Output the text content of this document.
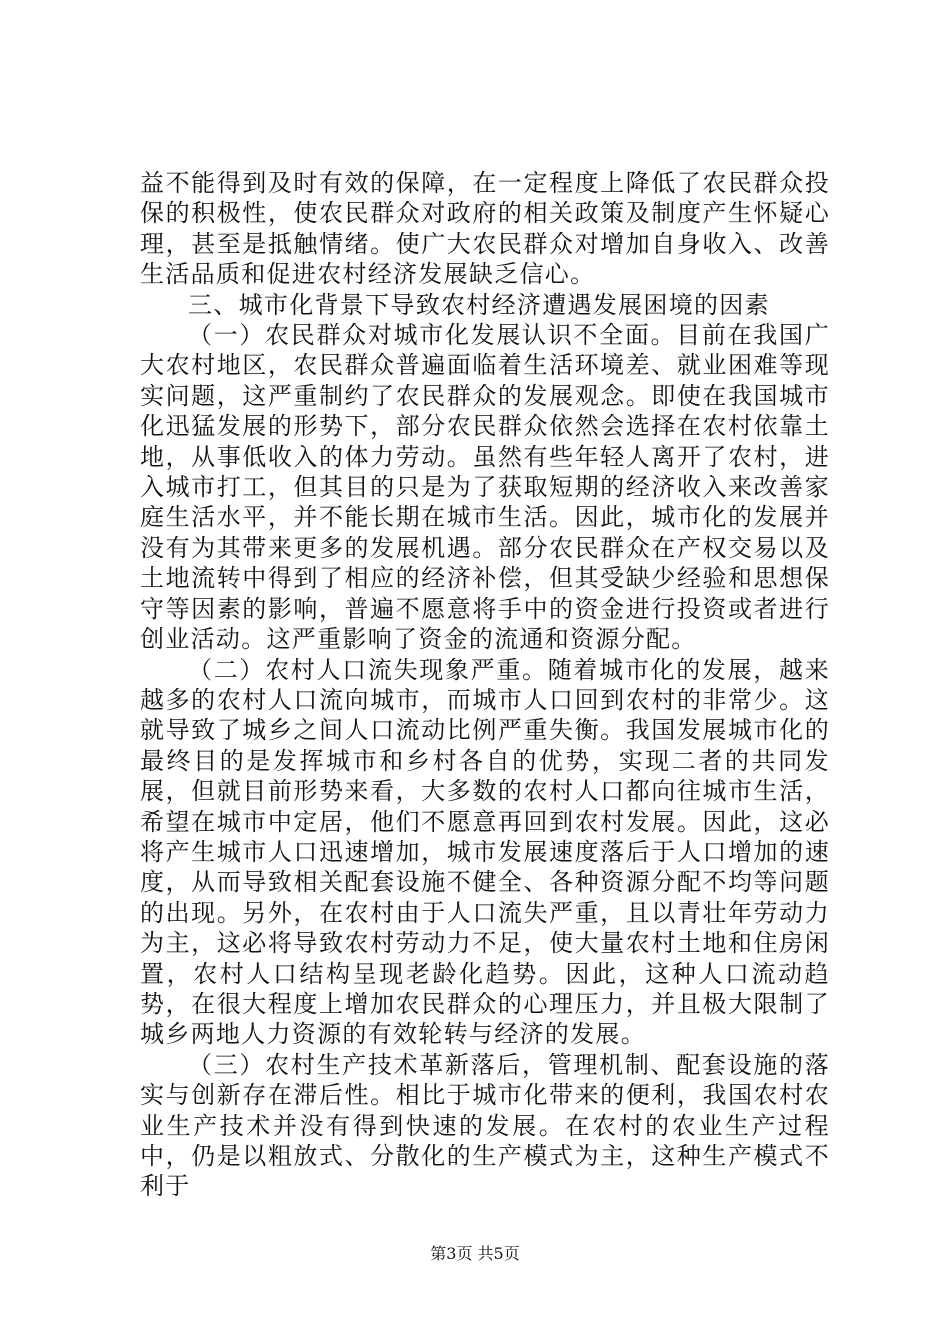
益不能得到及时有效的保障，在一定程度上降低了农民群众投保的积极性，使农民群众对政府的相关政策及制度产生怀疑心理，甚至是抵触情绪。使广大农民群众对增加自身收入、改善生活品质和促进农村经济发展缺乏信心。

三、城市化背景下导致农村经济遭遇发展困境的因素

（一）农民群众对城市化发展认识不全面。目前在我国广大农村地区，农民群众普遍面临着生活环境差、就业困难等现实问题，这严重制约了农民群众的发展观念。即使在我国城市化迅猛发展的形势下，部分农民群众依然会选择在农村依靠土地，从事低收入的体力劳动。虽然有些年轻人离开了农村，进入城市打工，但其目的只是为了获取短期的经济收入来改善家庭生活水平，并不能长期在城市生活。因此，城市化的发展并没有为其带来更多的发展机遇。部分农民群众在产权交易以及土地流转中得到了相应的经济补偿，但其受缺少经验和思想保守等因素的影响，普遍不愿意将手中的资金进行投资或者进行创业活动。这严重影响了资金的流通和资源分配。

（二）农村人口流失现象严重。随着城市化的发展，越来越多的农村人口流向城市，而城市人口回到农村的非常少。这就导致了城乡之间人口流动比例严重失衡。我国发展城市化的最终目的是发挥城市和乡村各自的优势，实现二者的共同发展，但就目前形势来看，大多数的农村人口都向往城市生活，希望在城市中定居，他们不愿意再回到农村发展。因此，这必将产生城市人口迅速增加，城市发展速度落后于人口增加的速度，从而导致相关配套设施不健全、各种资源分配不均等问题的出现。另外，在农村由于人口流失严重，且以青壮年劳动力为主，这必将导致农村劳动力不足，使大量农村土地和住房闲置，农村人口结构呈现老龄化趋势。因此，这种人口流动趋势，在很大程度上增加农民群众的心理压力，并且极大限制了城乡两地人力资源的有效轮转与经济的发展。

（三）农村生产技术革新落后，管理机制、配套设施的落实与创新存在滞后性。相比于城市化带来的便利，我国农村农业生产技术并没有得到快速的发展。在农村的农业生产过程中，仍是以粗放式、分散化的生产模式为主，这种生产模式不利于

第3页 共5页
